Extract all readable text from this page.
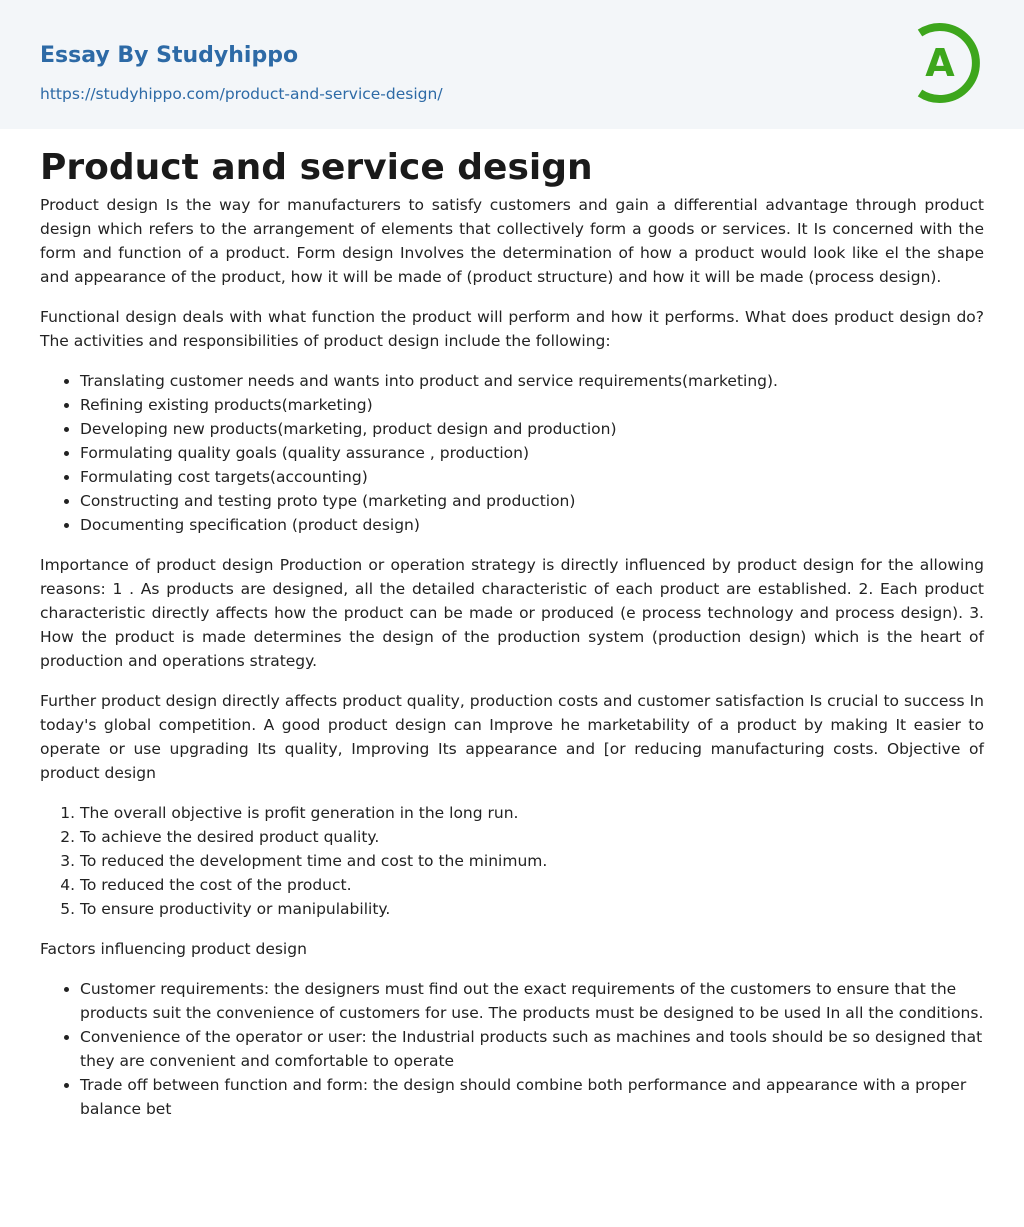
Essay By Studyhippo
https://studyhippo.com/product-and-service-design/
A
Product and service design

Product design Is the way for manufacturers to satisfy customers and gain a differential advantage through product design which refers to the arrangement of elements that collectively form a goods or services. It Is concerned with the form and function of a product. Form design Involves the determination of how a product would look like el the shape and appearance of the product, how it will be made of (product structure) and how it will be made (process design).

Functional design deals with what function the product will perform and how it performs. What does product design do? The activities and responsibilities of product design include the following:

• Translating customer needs and wants into product and service requirements(marketing).
• Refining existing products(marketing)
• Developing new products(marketing, product design and production)
• Formulating quality goals (quality assurance , production)
• Formulating cost targets(accounting)
• Constructing and testing proto type (marketing and production)
• Documenting specification (product design)

Importance of product design Production or operation strategy is directly influenced by product design for the allowing reasons: 1 . As products are designed, all the detailed characteristic of each product are established. 2. Each product characteristic directly affects how the product can be made or produced (e process technology and process design). 3. How the product is made determines the design of the production system (production design) which is the heart of production and operations strategy.

Further product design directly affects product quality, production costs and customer satisfaction Is crucial to success In today's global competition. A good product design can Improve he marketability of a product by making It easier to operate or use upgrading Its quality, Improving Its appearance and [or reducing manufacturing costs. Objective of product design

1. The overall objective is profit generation in the long run.
2. To achieve the desired product quality.
3. To reduced the development time and cost to the minimum.
4. To reduced the cost of the product.
5. To ensure productivity or manipulability.

Factors influencing product design

• Customer requirements: the designers must find out the exact requirements of the customers to ensure that the products suit the convenience of customers for use. The products must be designed to be used In all the conditions.
• Convenience of the operator or user: the Industrial products such as machines and tools should be so designed that they are convenient and comfortable to operate
• Trade off between function and form: the design should combine both performance and appearance with a proper balance bet
